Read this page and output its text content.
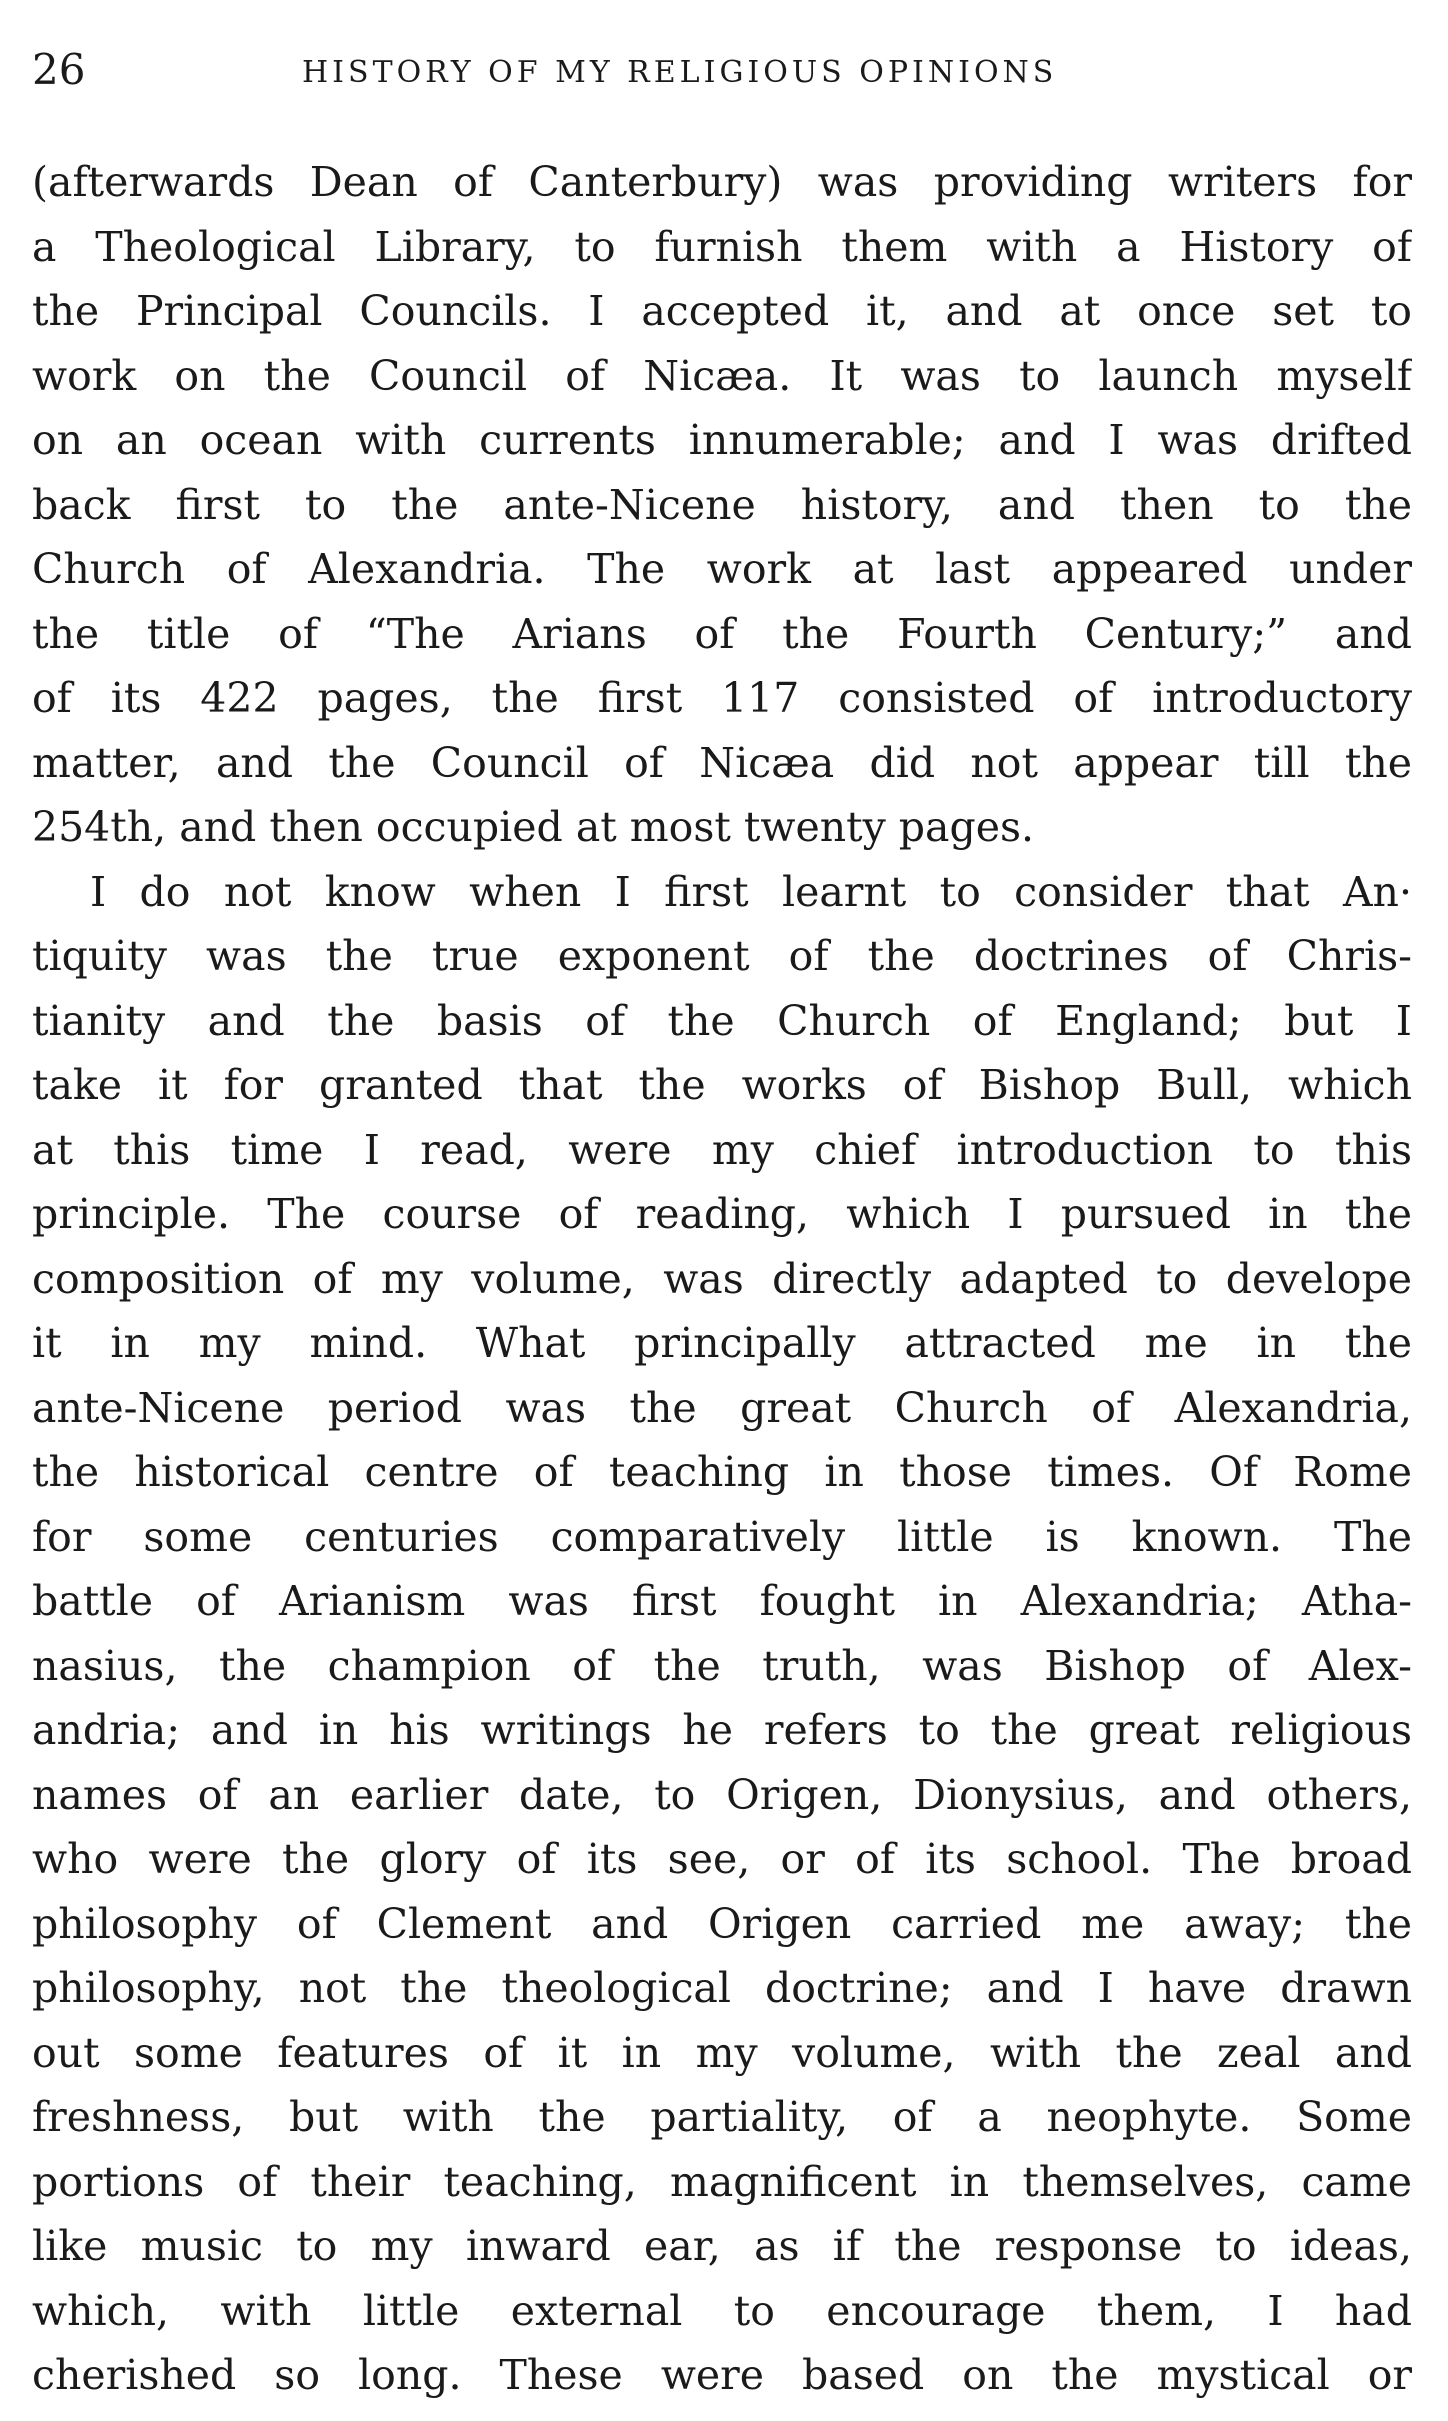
26	HISTORY OF MY RELIGIOUS OPINIONS
(afterwards Dean of Canterbury) was providing writers for
a Theological Library, to furnish them with a History of
the Principal Councils. I accepted it, and at once set to
work on the Council of Nicæa. It was to launch myself
on an ocean with currents innumerable; and I was drifted
back first to the ante-Nicene history, and then to the
Church of Alexandria. The work at last appeared under
the title of “The Arians of the Fourth Century;” and
of its 422 pages, the first 117 consisted of introductory
matter, and the Council of Nicæa did not appear till the
254th, and then occupied at most twenty pages.
I do not know when I first learnt to consider that An·
tiquity was the true exponent of the doctrines of Chris-
tianity and the basis of the Church of England; but I
take it for granted that the works of Bishop Bull, which
at this time I read, were my chief introduction to this
principle. The course of reading, which I pursued in the
composition of my volume, was directly adapted to develope
it in my mind. What principally attracted me in the
ante-Nicene period was the great Church of Alexandria,
the historical centre of teaching in those times. Of Rome
for some centuries comparatively little is known. The
battle of Arianism was first fought in Alexandria; Atha-
nasius, the champion of the truth, was Bishop of Alex-
andria; and in his writings he refers to the great religious
names of an earlier date, to Origen, Dionysius, and others,
who were the glory of its see, or of its school. The broad
philosophy of Clement and Origen carried me away; the
philosophy, not the theological doctrine; and I have drawn
out some features of it in my volume, with the zeal and
freshness, but with the partiality, of a neophyte. Some
portions of their teaching, magnificent in themselves, came
like music to my inward ear, as if the response to ideas,
which, with little external to encourage them, I had
cherished so long. These were based on the mystical or
